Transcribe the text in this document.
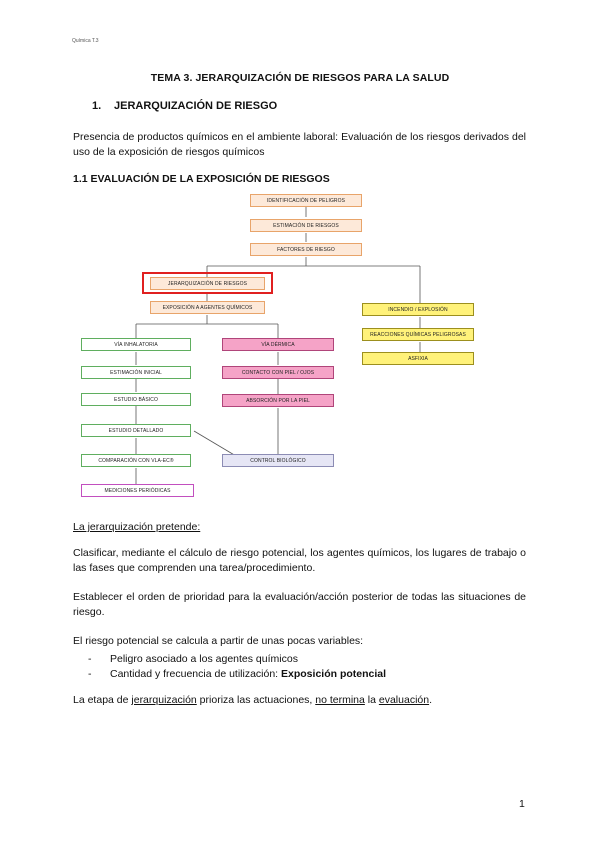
Química T.3
TEMA 3. JERARQUIZACIÓN DE RIESGOS PARA LA SALUD
1. JERARQUIZACIÓN DE RIESGO
Presencia de productos químicos en el ambiente laboral: Evaluación de los riesgos derivados del uso de la exposición de riesgos químicos
1.1 EVALUACIÓN DE LA EXPOSICIÓN DE RIESGOS
IDENTIFICACIÓN DE PELIGROS
ESTIMACIÓN DE RIESGOS
FACTORES DE RIESGO
JERARQUIZACIÓN DE RIESGOS
EXPOSICIÓN A AGENTES QUÍMICOS
VÍA INHALATORIA
ESTIMACIÓN INICIAL
ESTUDIO BÁSICO
ESTUDIO DETALLADO
COMPARACIÓN CON VLA-EC®
MEDICIONES PERIÓDICAS
VÍA DÉRMICA
CONTACTO CON PIEL / OJOS
ABSORCIÓN POR LA PIEL
CONTROL BIOLÓGICO
INCENDIO / EXPLOSIÓN
REACCIONES QUÍMICAS PELIGROSAS
ASFIXIA
La jerarquización pretende:
Clasificar, mediante el cálculo de riesgo potencial, los agentes químicos, los lugares de trabajo o las fases que comprenden una tarea/procedimiento.
Establecer el orden de prioridad para la evaluación/acción posterior de todas las situaciones de riesgo.
El riesgo potencial se calcula a partir de unas pocas variables:
- Peligro asociado a los agentes químicos
- Cantidad y frecuencia de utilización: Exposición potencial
La etapa de jerarquización prioriza las actuaciones, no termina la evaluación.
1
